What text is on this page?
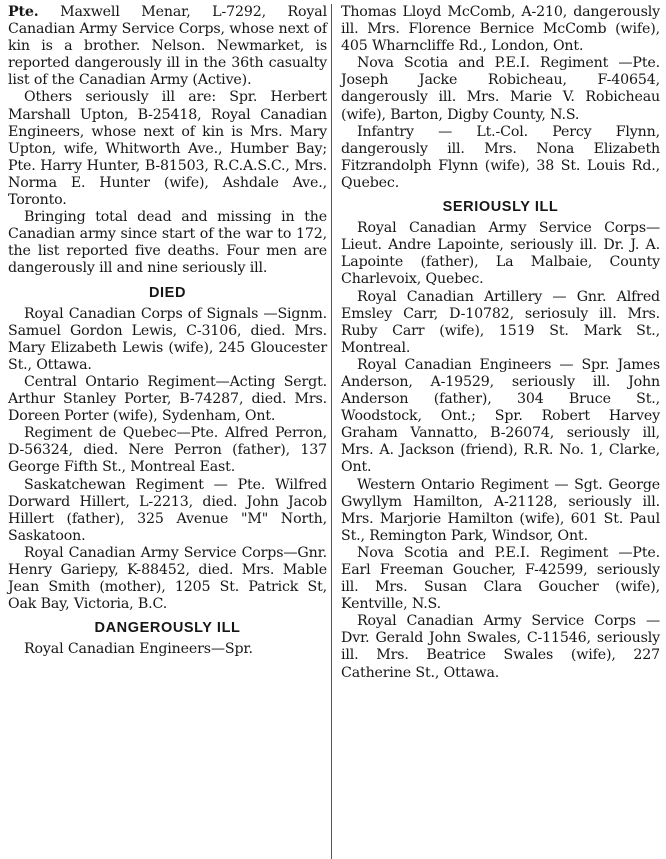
Pte. Maxwell Menar, L-7292, Royal Canadian Army Service Corps, whose next of kin is a brother. Nelson. Newmarket, is reported dangerously ill in the 36th casualty list of the Canadian Army (Active).

Others seriously ill are: Spr. Herbert Marshall Upton, B-25418, Royal Canadian Engineers, whose next of kin is Mrs. Mary Upton, wife, Whitworth Ave., Humber Bay; Pte. Harry Hunter, B-81503, R.C.A.S.C., Mrs. Norma E. Hunter (wife), Ashdale Ave., Toronto.

Bringing total dead and missing in the Canadian army since start of the war to 172, the list reported five deaths. Four men are dangerously ill and nine seriously ill.

DIED

Royal Canadian Corps of Signals —Signm. Samuel Gordon Lewis, C-3106, died. Mrs. Mary Elizabeth Lewis (wife), 245 Gloucester St., Ottawa.

Central Ontario Regiment—Acting Sergt. Arthur Stanley Porter, B-74287, died. Mrs. Doreen Porter (wife), Sydenham, Ont.

Regiment de Quebec—Pte. Alfred Perron, D-56324, died. Nere Perron (father), 137 George Fifth St., Montreal East.

Saskatchewan Regiment — Pte. Wilfred Dorward Hillert, L-2213, died. John Jacob Hillert (father), 325 Avenue "M" North, Saskatoon.

Royal Canadian Army Service Corps—Gnr. Henry Gariepy, K-88452, died. Mrs. Mable Jean Smith (mother), 1205 St. Patrick St, Oak Bay, Victoria, B.C.

DANGEROUSLY ILL

Royal Canadian Engineers—Spr.

Thomas Lloyd McComb, A-210, dangerously ill. Mrs. Florence Bernice McComb (wife), 405 Wharncliffe Rd., London, Ont.

Nova Scotia and P.E.I. Regiment —Pte. Joseph Jacke Robicheau, F-40654, dangerously ill. Mrs. Marie V. Robicheau (wife), Barton, Digby County, N.S.

Infantry — Lt.-Col. Percy Flynn, dangerously ill. Mrs. Nona Elizabeth Fitzrandolph Flynn (wife), 38 St. Louis Rd., Quebec.

SERIOUSLY ILL

Royal Canadian Army Service Corps—Lieut. Andre Lapointe, seriously ill. Dr. J. A. Lapointe (father), La Malbaie, County Charlevoix, Quebec.

Royal Canadian Artillery — Gnr. Alfred Emsley Carr, D-10782, seriosuly ill. Mrs. Ruby Carr (wife), 1519 St. Mark St., Montreal.

Royal Canadian Engineers — Spr. James Anderson, A-19529, seriously ill. John Anderson (father), 304 Bruce St., Woodstock, Ont.; Spr. Robert Harvey Graham Vannatto, B-26074, seriously ill, Mrs. A. Jackson (friend), R.R. No. 1, Clarke, Ont.

Western Ontario Regiment — Sgt. George Gwyllym Hamilton, A-21128, seriously ill. Mrs. Marjorie Hamilton (wife), 601 St. Paul St., Remington Park, Windsor, Ont.

Nova Scotia and P.E.I. Regiment —Pte. Earl Freeman Goucher, F-42599, seriously ill. Mrs. Susan Clara Goucher (wife), Kentville, N.S.

Royal Canadian Army Service Corps — Dvr. Gerald John Swales, C-11546, seriously ill. Mrs. Beatrice Swales (wife), 227 Catherine St., Ottawa.
